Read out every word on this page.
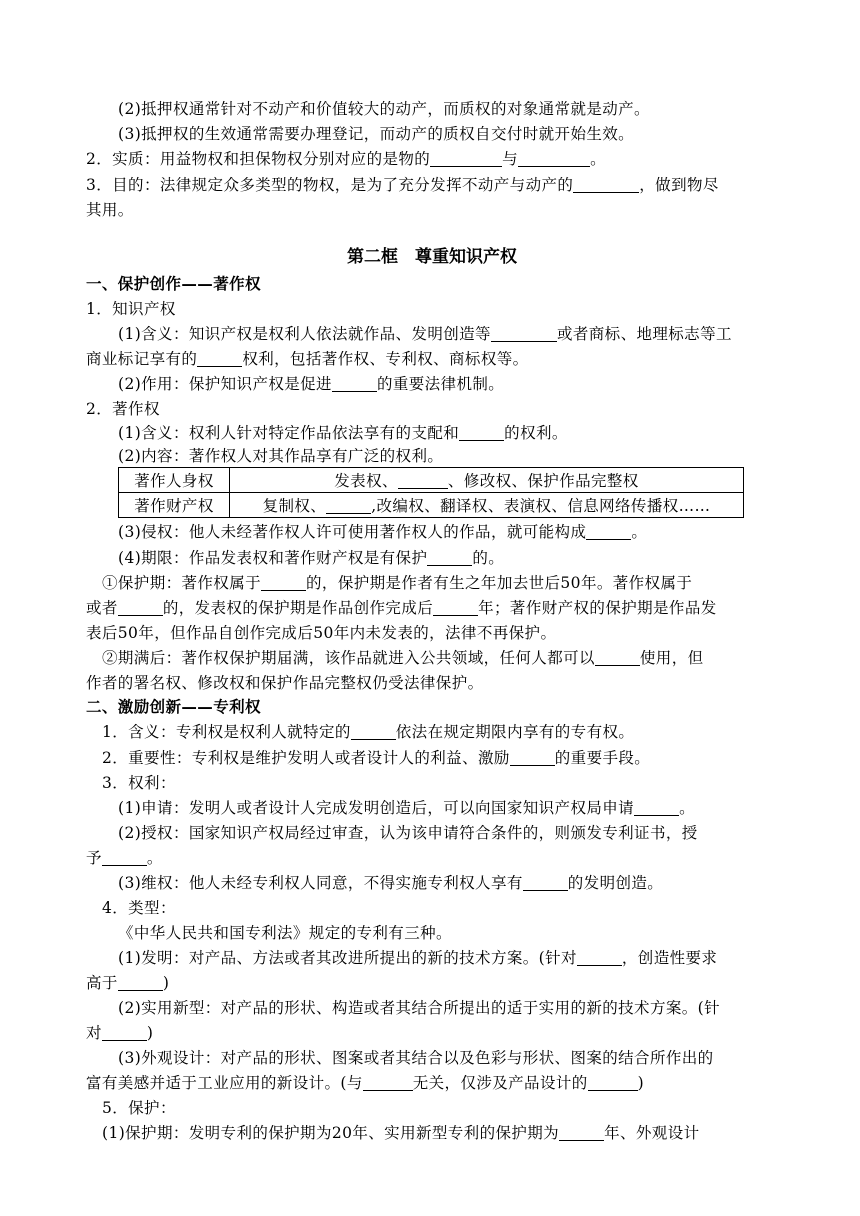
(2)抵押权通常针对不动产和价值较大的动产，而质权的对象通常就是动产。
(3)抵押权的生效通常需要办理登记，而动产的质权自交付时就开始生效。
2．实质：用益物权和担保物权分别对应的是物的	与	。
3．目的：法律规定众多类型的物权，是为了充分发挥不动产与动产的	，做到物尽
其用。
第二框　尊重知识产权
一、保护创作——著作权
1．知识产权
(1)含义：知识产权是权利人依法就作品、发明创造等	或者商标、地理标志等工
商业标记享有的	权利，包括著作权、专利权、商标权等。
(2)作用：保护知识产权是促进	的重要法律机制。
2．著作权
(1)含义：权利人针对特定作品依法享有的支配和	的权利。
(2)内容：著作权人对其作品享有广泛的权利。
著作人身权	发表权、 、修改权、保护作品完整权
著作财产权	复制权、 ,改编权、翻译权、表演权、信息网络传播权……
(3)侵权：他人未经著作权人许可使用著作权人的作品，就可能构成	。
(4)期限：作品发表权和著作财产权是有保护	的。
①保护期：著作权属于	的，保护期是作者有生之年加去世后50年。著作权属于
或者	的，发表权的保护期是作品创作完成后	年；著作财产权的保护期是作品发
表后50年，但作品自创作完成后50年内未发表的，法律不再保护。
②期满后：著作权保护期届满，该作品就进入公共领域，任何人都可以	使用，但
作者的署名权、修改权和保护作品完整权仍受法律保护。
二、激励创新——专利权
1．含义：专利权是权利人就特定的	依法在规定期限内享有的专有权。
2．重要性：专利权是维护发明人或者设计人的利益、激励	的重要手段。
3．权利：
(1)申请：发明人或者设计人完成发明创造后，可以向国家知识产权局申请	。
(2)授权：国家知识产权局经过审查，认为该申请符合条件的，则颁发专利证书，授
予	。
(3)维权：他人未经专利权人同意，不得实施专利权人享有	的发明创造。
4．类型：
《中华人民共和国专利法》规定的专利有三种。
(1)发明：对产品、方法或者其改进所提出的新的技术方案。(针对	，创造性要求
高于	)
(2)实用新型：对产品的形状、构造或者其结合所提出的适于实用的新的技术方案。(针
对	)
(3)外观设计：对产品的形状、图案或者其结合以及色彩与形状、图案的结合所作出的
富有美感并适于工业应用的新设计。(与	无关，仅涉及产品设计的	)
5．保护：
(1)保护期：发明专利的保护期为20年、实用新型专利的保护期为	年、外观设计
